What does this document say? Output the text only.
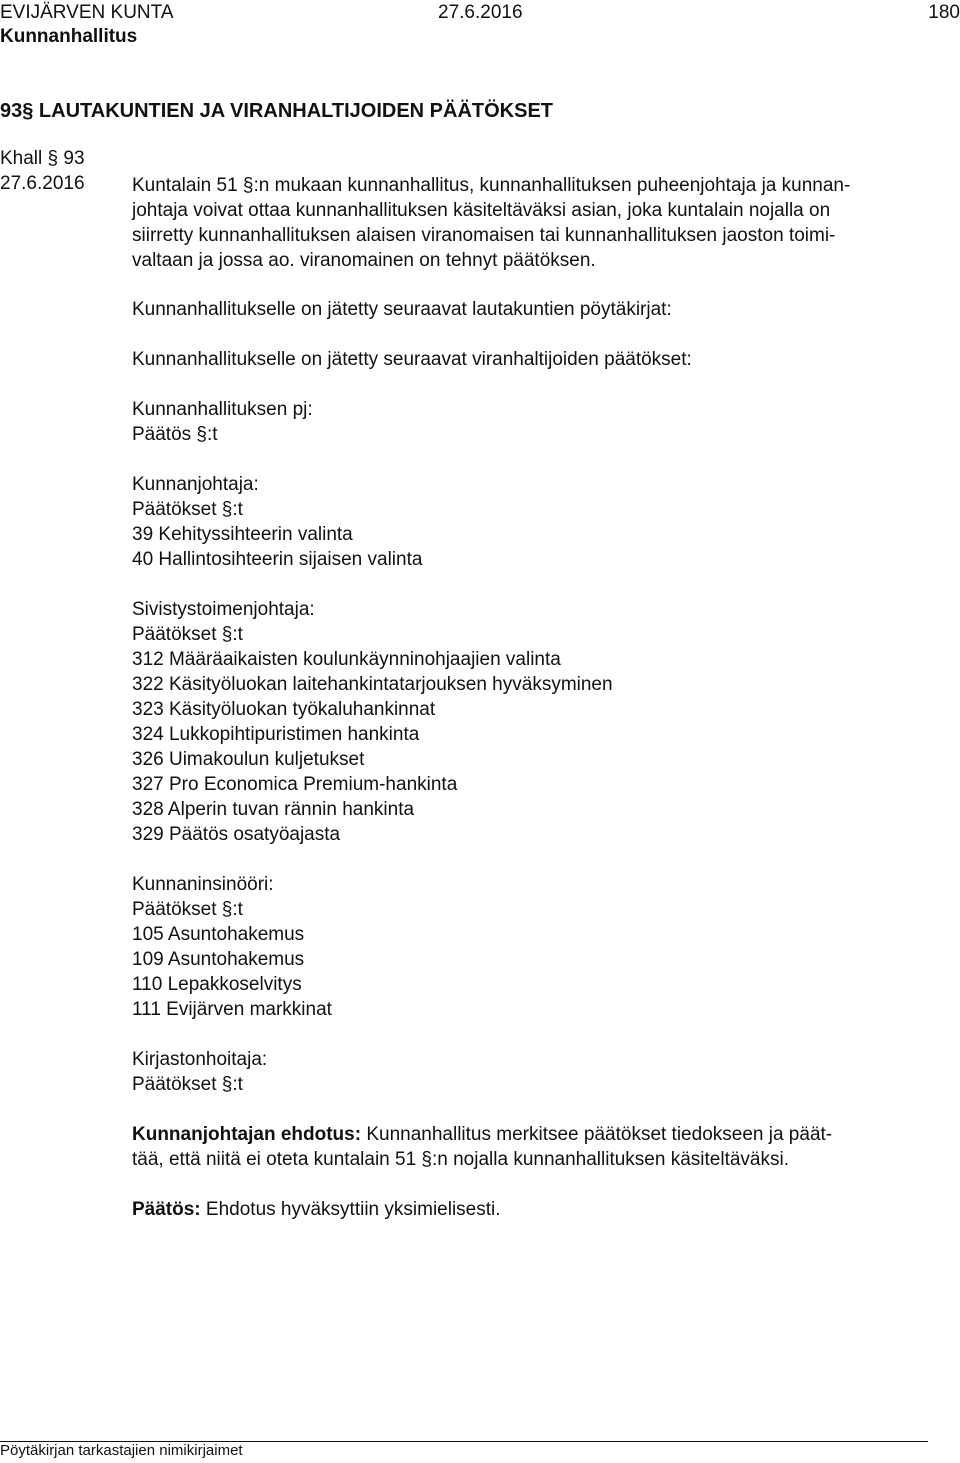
EVIJÄRVEN KUNTA	27.6.2016	180
Kunnanhallitus
93§ LAUTAKUNTIEN JA VIRANHALTIJOIDEN PÄÄTÖKSET
Khall § 93
27.6.2016 Kuntalain 51 §:n mukaan kunnanhallitus, kunnanhallituksen puheenjohtaja ja kunnan-
johtaja voivat ottaa kunnanhallituksen käsiteltäväksi asian, joka kuntalain nojalla on
siirretty kunnanhallituksen alaisen viranomaisen tai kunnanhallituksen jaoston toimi-
valtaan ja jossa ao. viranomainen on tehnyt päätöksen.
Kunnanhallitukselle on jätetty seuraavat lautakuntien pöytäkirjat:
Kunnanhallitukselle on jätetty seuraavat viranhaltijoiden päätökset:
Kunnanhallituksen pj:
Päätös §:t
Kunnanjohtaja:
Päätökset §:t
39 Kehityssihteerin valinta
40 Hallintosihteerin sijaisen valinta
Sivistystoimenjohtaja:
Päätökset §:t
312 Määräaikaisten koulunkäynninohjaajien valinta
322 Käsityöluokan laitehankintatarjouksen hyväksyminen
323 Käsityöluokan työkaluhankinnat
324 Lukkopihtipuristimen hankinta
326 Uimakoulun kuljetukset
327 Pro Economica Premium-hankinta
328 Alperin tuvan rännin hankinta
329 Päätös osatyöajasta
Kunnaninsinööri:
Päätökset §:t
105 Asuntohakemus
109 Asuntohakemus
110 Lepakkoselvitys
111 Evijärven markkinat
Kirjastonhoitaja:
Päätökset §:t
Kunnanjohtajan ehdotus: Kunnanhallitus merkitsee päätökset tiedokseen ja päät-
tää, että niitä ei oteta kuntalain 51 §:n nojalla kunnanhallituksen käsiteltäväksi.
Päätös: Ehdotus hyväksyttiin yksimielisesti.
Pöytäkirjan tarkastajien nimikirjaimet
